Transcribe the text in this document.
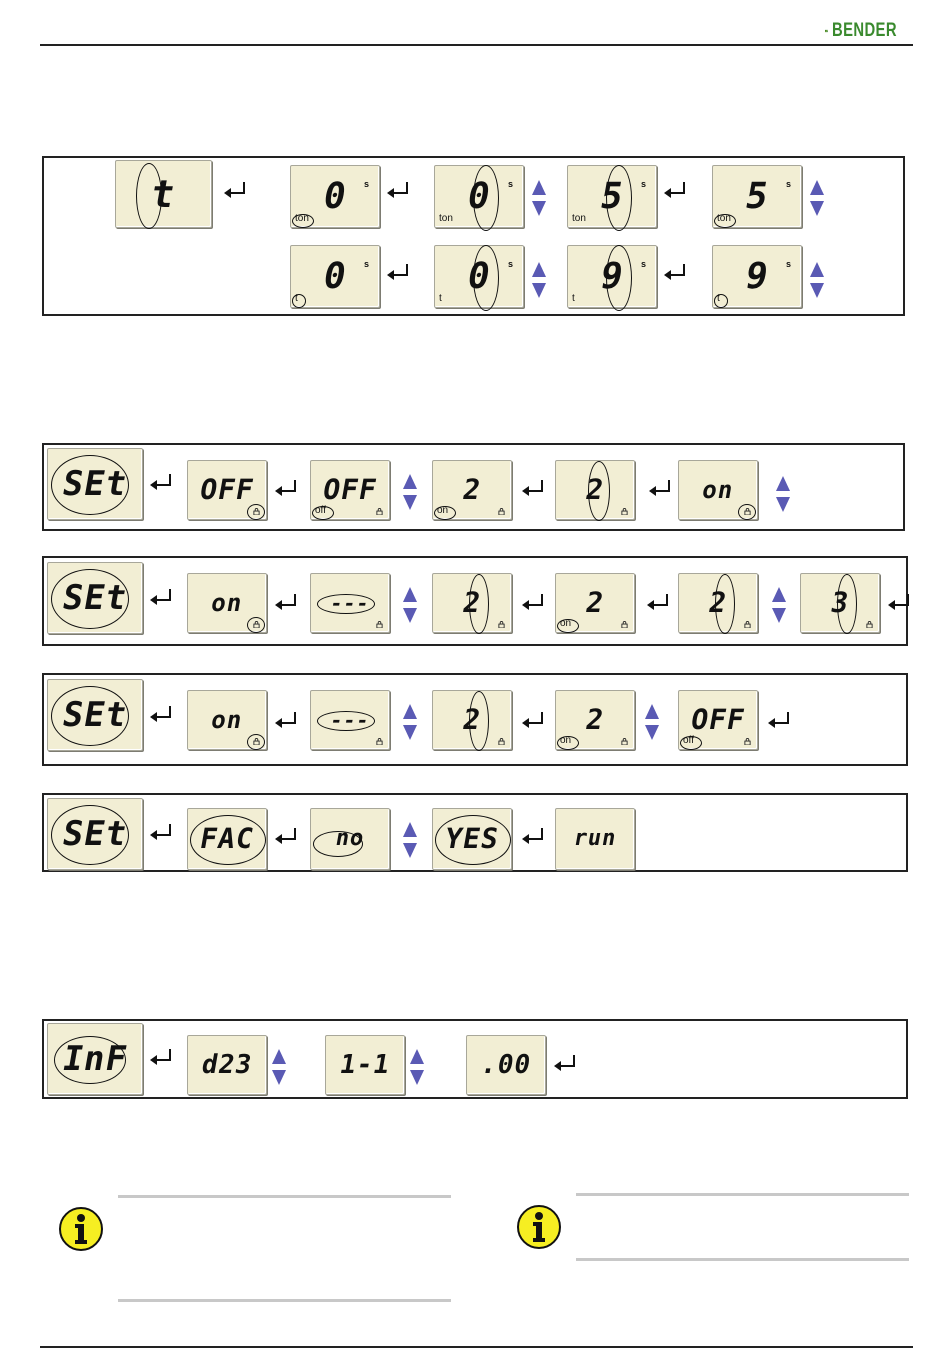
BENDER
t	0	s
ton
0	s
t
0	s
ton
0	s
t
5	s
ton
9	s
t
5	s
ton
9	s
t
SEt	OFF	OFF
off
2
on
2	on
SEt	on	---	2	2
on
2	3
SEt	on	---	2	2
on
OFF
off
SEt	FAC	no	YES	run
InF	d23	1-1	.00
